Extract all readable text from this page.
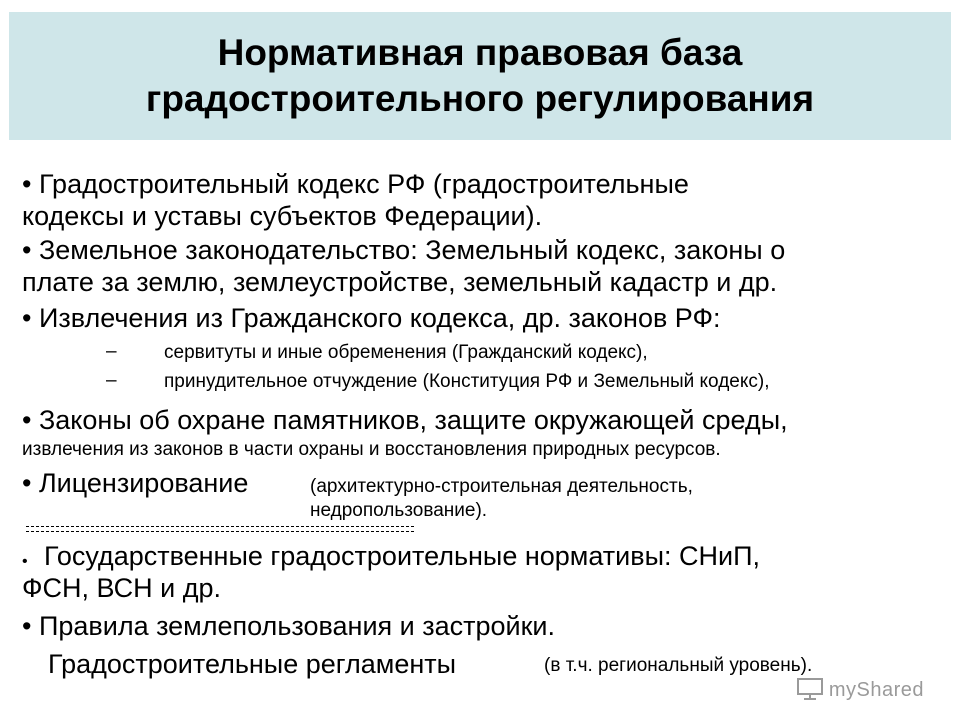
Нормативная правовая база
градостроительного регулирования
• Градостроительный кодекс РФ (градостроительные
кодексы и уставы субъектов Федерации).
• Земельное законодательство: Земельный кодекс, законы о
плате за землю, землеустройстве, земельный кадастр и др.
• Извлечения из Гражданского кодекса, др. законов РФ:
– сервитуты и иные обременения (Гражданский кодекс),
– принудительное отчуждение (Конституция РФ и Земельный кодекс),
• Законы об охране памятников, защите окружающей среды,
извлечения из законов в части охраны и восстановления природных ресурсов.
• Лицензирование	(архитектурно-строительная деятельность,
недропользование).
• Государственные градостроительные нормативы: СНиП,
ФСН, ВСН и др.
• Правила землепользования и застройки.
Градостроительные регламенты	(в т.ч. региональный уровень).
myShared
